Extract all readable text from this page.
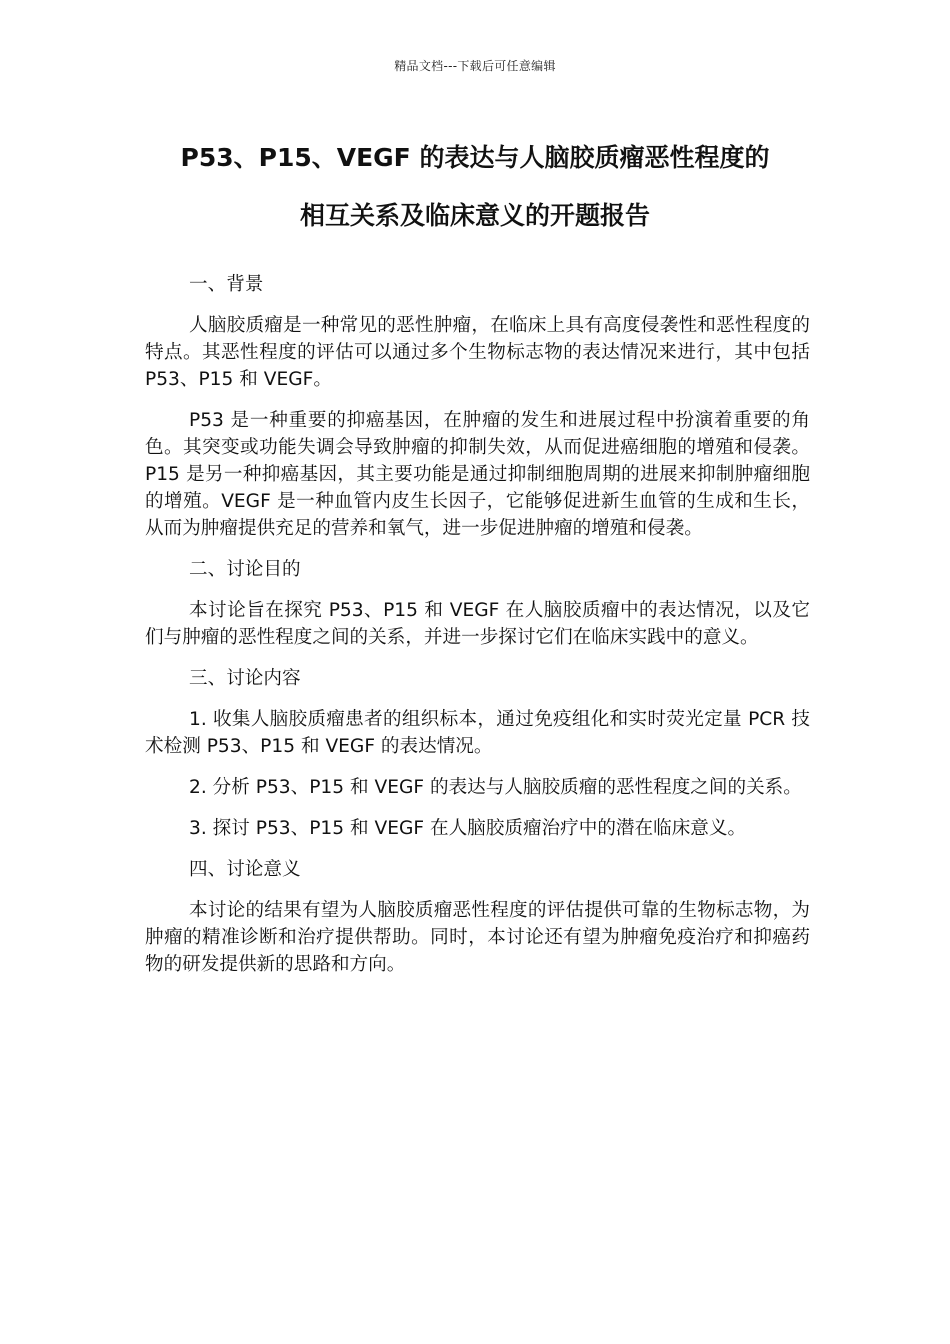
精品文档---下载后可任意编辑
P53、P15、VEGF 的表达与人脑胶质瘤恶性程度的
相互关系及临床意义的开题报告

一、背景

人脑胶质瘤是一种常见的恶性肿瘤，在临床上具有高度侵袭性和恶性程度的特点。其恶性程度的评估可以通过多个生物标志物的表达情况来进行，其中包括 P53、P15 和 VEGF。

P53 是一种重要的抑癌基因，在肿瘤的发生和进展过程中扮演着重要的角色。其突变或功能失调会导致肿瘤的抑制失效，从而促进癌细胞的增殖和侵袭。P15 是另一种抑癌基因，其主要功能是通过抑制细胞周期的进展来抑制肿瘤细胞的增殖。VEGF 是一种血管内皮生长因子，它能够促进新生血管的生成和生长，从而为肿瘤提供充足的营养和氧气，进一步促进肿瘤的增殖和侵袭。

二、讨论目的

本讨论旨在探究 P53、P15 和 VEGF 在人脑胶质瘤中的表达情况，以及它们与肿瘤的恶性程度之间的关系，并进一步探讨它们在临床实践中的意义。

三、讨论内容

1. 收集人脑胶质瘤患者的组织标本，通过免疫组化和实时荧光定量 PCR 技术检测 P53、P15 和 VEGF 的表达情况。

2. 分析 P53、P15 和 VEGF 的表达与人脑胶质瘤的恶性程度之间的关系。

3. 探讨 P53、P15 和 VEGF 在人脑胶质瘤治疗中的潜在临床意义。

四、讨论意义

本讨论的结果有望为人脑胶质瘤恶性程度的评估提供可靠的生物标志物，为肿瘤的精准诊断和治疗提供帮助。同时，本讨论还有望为肿瘤免疫治疗和抑癌药物的研发提供新的思路和方向。
